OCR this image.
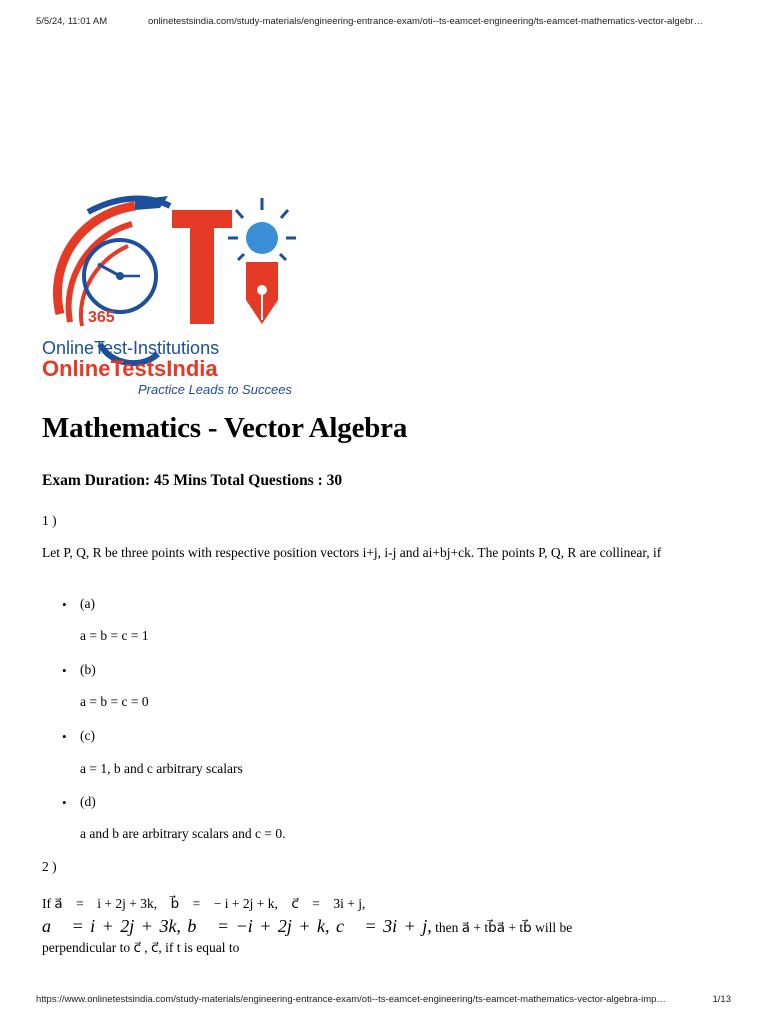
5/5/24, 11:01 AM	onlinetestsindia.com/study-materials/engineering-entrance-exam/oti--ts-eamcet-engineering/ts-eamcet-mathematics-vector-algebr…
365
OnlineTest-Institutions
OnlineTestsIndia
Practice Leads to Succees
Mathematics - Vector Algebra
Exam Duration: 45 Mins Total Questions : 30

1 )

Let P, Q, R be three points with respective position vectors i+j, i-j and ai+bj+ck. The points P, Q, R are collinear, if

• (a)
a = b = c = 1
• (b)
a = b = c = 0
• (c)
a = 1, b and c arbitrary scalars
• (d)
a and b are arbitrary scalars and c = 0.

2 )

If a⃗    =    i + 2j + 3k,    b⃗    =    − i + 2j + k,    c⃗    =    3i + j,

a⃗ = i + 2j + 3k, b⃗ = −i + 2j + k, c⃗ = 3i + j, then a⃗ + tb⃗a⃗ + tb⃗ will be

perpendicular to c⃗ , c⃗, if t is equal to

https://www.onlinetestsindia.com/study-materials/engineering-entrance-exam/oti--ts-eamcet-engineering/ts-eamcet-mathematics-vector-algebra-imp…	1/13
